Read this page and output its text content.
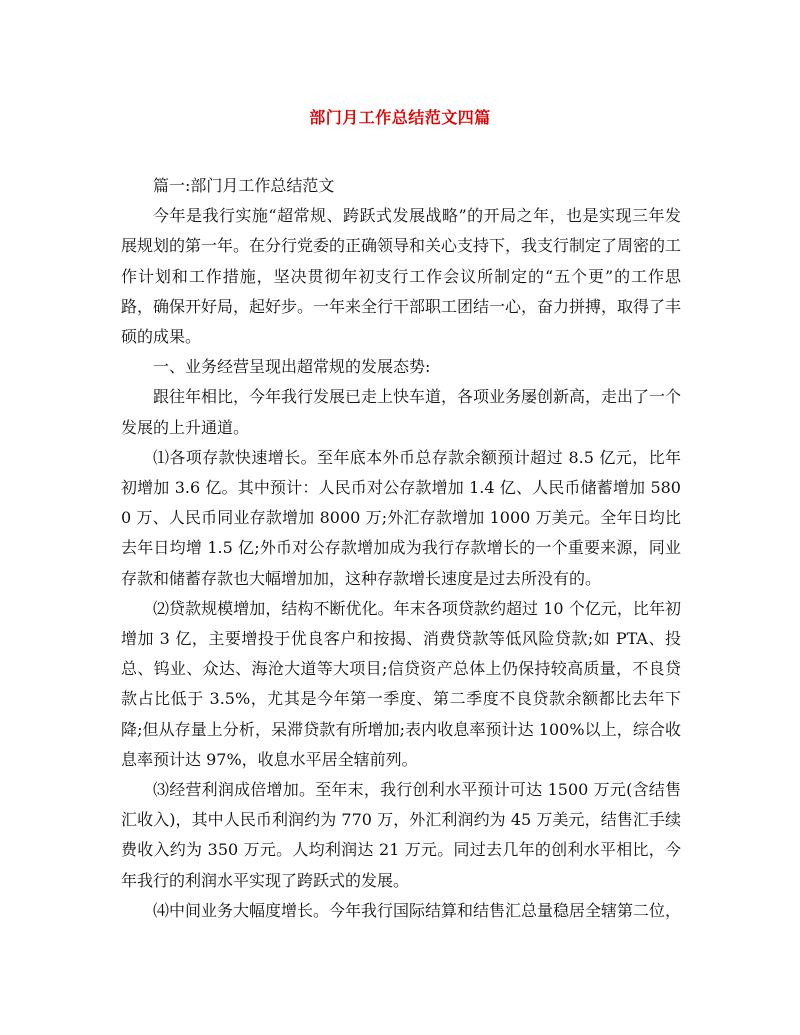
部门月工作总结范文四篇

篇一:部门月工作总结范文

今年是我行实施“超常规、跨跃式发展战略”的开局之年，也是实现三年发展规划的第一年。在分行党委的正确领导和关心支持下，我支行制定了周密的工作计划和工作措施，坚决贯彻年初支行工作会议所制定的“五个更”的工作思路，确保开好局，起好步。一年来全行干部职工团结一心，奋力拼搏，取得了丰硕的成果。

一、业务经营呈现出超常规的发展态势:

跟往年相比，今年我行发展已走上快车道，各项业务屡创新高，走出了一个发展的上升通道。

⑴各项存款快速增长。至年底本外币总存款余额预计超过 8.5 亿元，比年初增加 3.6 亿。其中预计：人民币对公存款增加 1.4 亿、人民币储蓄增加 5800 万、人民币同业存款增加 8000 万;外汇存款增加 1000 万美元。全年日均比去年日均增 1.5 亿;外币对公存款增加成为我行存款增长的一个重要来源，同业存款和储蓄存款也大幅增加加，这种存款增长速度是过去所没有的。

⑵贷款规模增加，结构不断优化。年末各项贷款约超过 10 个亿元，比年初增加 3 亿，主要增投于优良客户和按揭、消费贷款等低风险贷款;如 PTA、投总、钨业、众达、海沧大道等大项目;信贷资产总体上仍保持较高质量，不良贷款占比低于 3.5%，尤其是今年第一季度、第二季度不良贷款余额都比去年下降;但从存量上分析，呆滞贷款有所增加;表内收息率预计达 100%以上，综合收息率预计达 97%，收息水平居全辖前列。

⑶经营利润成倍增加。至年末，我行创利水平预计可达 1500 万元(含结售汇收入)，其中人民币利润约为 770 万，外汇利润约为 45 万美元，结售汇手续费收入约为 350 万元。人均利润达 21 万元。同过去几年的创利水平相比，今年我行的利润水平实现了跨跃式的发展。

⑷中间业务大幅度增长。今年我行国际结算和结售汇总量稳居全辖第二位，
